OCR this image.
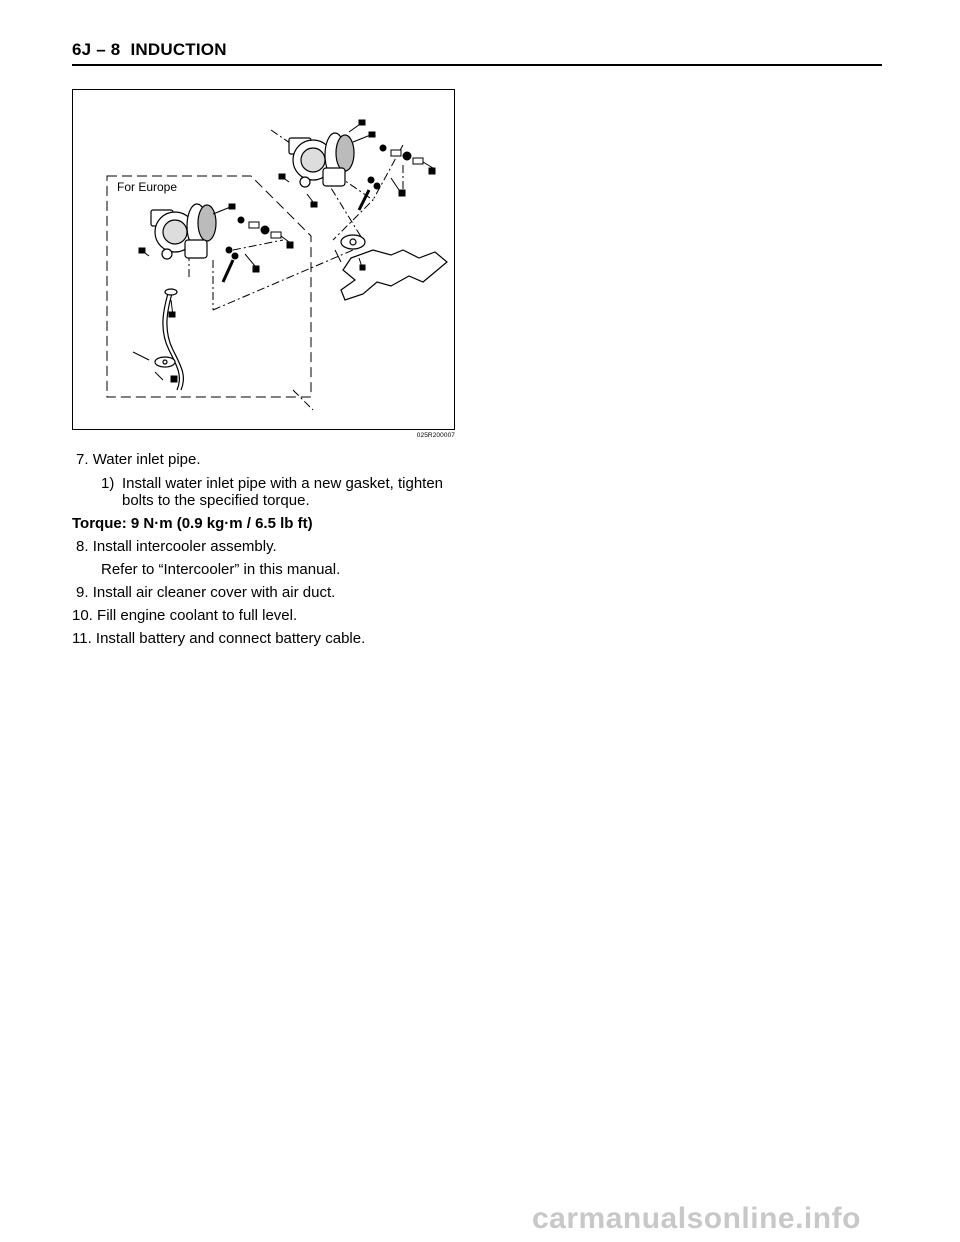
6J – 8 INDUCTION
For Europe
025R200007
7. Water inlet pipe.
1) Install water inlet pipe with a new gasket, tighten
bolts to the specified torque.
Torque: 9 N·m (0.9 kg·m / 6.5 lb ft)
8. Install intercooler assembly.
Refer to “Intercooler” in this manual.
9. Install air cleaner cover with air duct.
10. Fill engine coolant to full level.
11. Install battery and connect battery cable.
carmanualsonline.info
